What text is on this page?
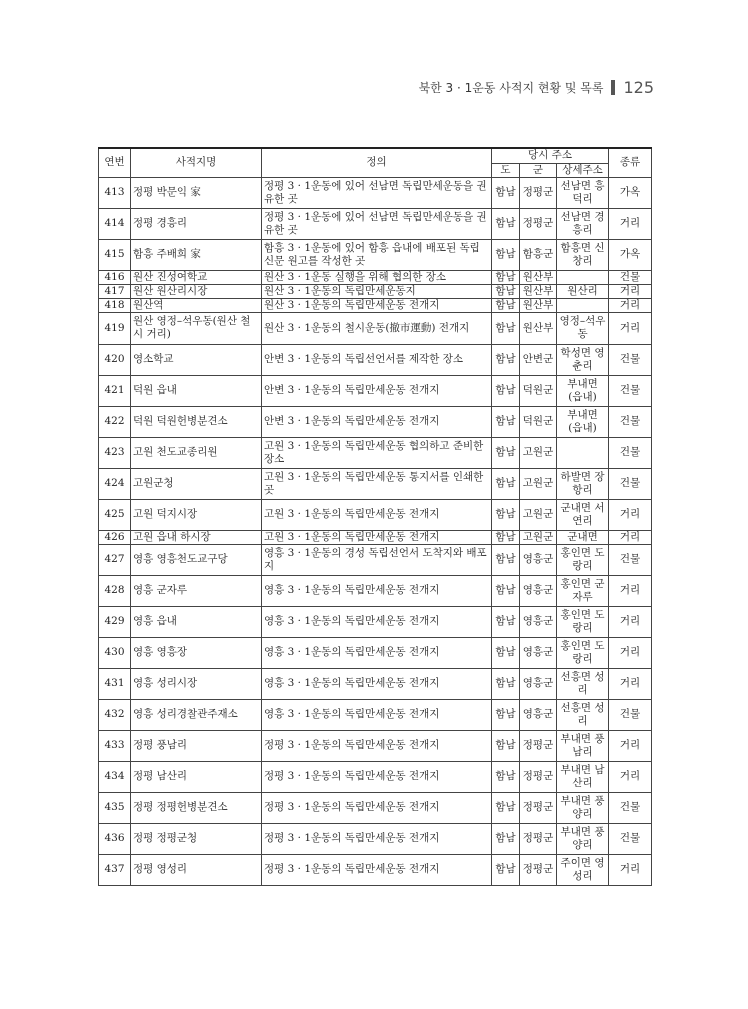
북한 3 · 1운동 사적지 현황 및 목록 125
연번	사적지명	정의	당시 주소			종류
			도	군	상세주소	
413	정평 박문익 家	정평 3 · 1운동에 있어 선남면 독립만세운동을 권유한 곳	함남	정평군	선남면 흥덕리	가옥
414	정평 경흥리	정평 3 · 1운동에 있어 선남면 독립만세운동을 권유한 곳	함남	정평군	선남면 경흥리	거리
415	함흥 주배희 家	함흥 3 · 1운동에 있어 함흥 읍내에 배포된 독립신문 원고를 작성한 곳	함남	함흥군	함흥면 신창리	가옥
416	원산 진성여학교	원산 3 · 1운동 실행을 위해 협의한 장소	함남	원산부		건물
417	원산 원산리시장	원산 3 · 1운동의 독립만세운동지	함남	원산부	원산리	거리
418	원산역	원산 3 · 1운동의 독립만세운동 전개지	함남	원산부		거리
419	원산 영정–석우동(원산 철시 거리)	원산 3 · 1운동의 철시운동(撤市運動) 전개지	함남	원산부	영정–석우동	거리
420	영소학교	안변 3 · 1운동의 독립선언서를 제작한 장소	함남	안변군	학성면 영춘리	건물
421	덕원 읍내	안변 3 · 1운동의 독립만세운동 전개지	함남	덕원군	부내면 (읍내)	건물
422	덕원 덕원헌병분견소	안변 3 · 1운동의 독립만세운동 전개지	함남	덕원군	부내면 (읍내)	건물
423	고원 천도교종리원	고원 3 · 1운동의 독립만세운동 협의하고 준비한 장소	함남	고원군		건물
424	고원군청	고원 3 · 1운동의 독립만세운동 통지서를 인쇄한 곳	함남	고원군	하발면 장항리	건물
425	고원 덕지시장	고원 3 · 1운동의 독립만세운동 전개지	함남	고원군	군내면 서연리	거리
426	고원 읍내 하시장	고원 3 · 1운동의 독립만세운동 전개지	함남	고원군	군내면	거리
427	영흥 영흥천도교구당	영흥 3 · 1운동의 경성 독립선언서 도착지와 배포지	함남	영흥군	홍인면 도랑리	건물
428	영흥 군자루	영흥 3 · 1운동의 독립만세운동 전개지	함남	영흥군	홍인면 군자루	거리
429	영흥 읍내	영흥 3 · 1운동의 독립만세운동 전개지	함남	영흥군	홍인면 도랑리	거리
430	영흥 영흥장	영흥 3 · 1운동의 독립만세운동 전개지	함남	영흥군	홍인면 도랑리	거리
431	영흥 성리시장	영흥 3 · 1운동의 독립만세운동 전개지	함남	영흥군	선흥면 성리	거리
432	영흥 성리경찰관주재소	영흥 3 · 1운동의 독립만세운동 전개지	함남	영흥군	선흥면 성리	건물
433	정평 풍남리	정평 3 · 1운동의 독립만세운동 전개지	함남	정평군	부내면 풍남리	거리
434	정평 남산리	정평 3 · 1운동의 독립만세운동 전개지	함남	정평군	부내면 남산리	거리
435	정평 정평헌병분견소	정평 3 · 1운동의 독립만세운동 전개지	함남	정평군	부내면 풍양리	건물
436	정평 정평군청	정평 3 · 1운동의 독립만세운동 전개지	함남	정평군	부내면 풍양리	건물
437	정평 영성리	정평 3 · 1운동의 독립만세운동 전개지	함남	정평군	주이면 영성리	거리
